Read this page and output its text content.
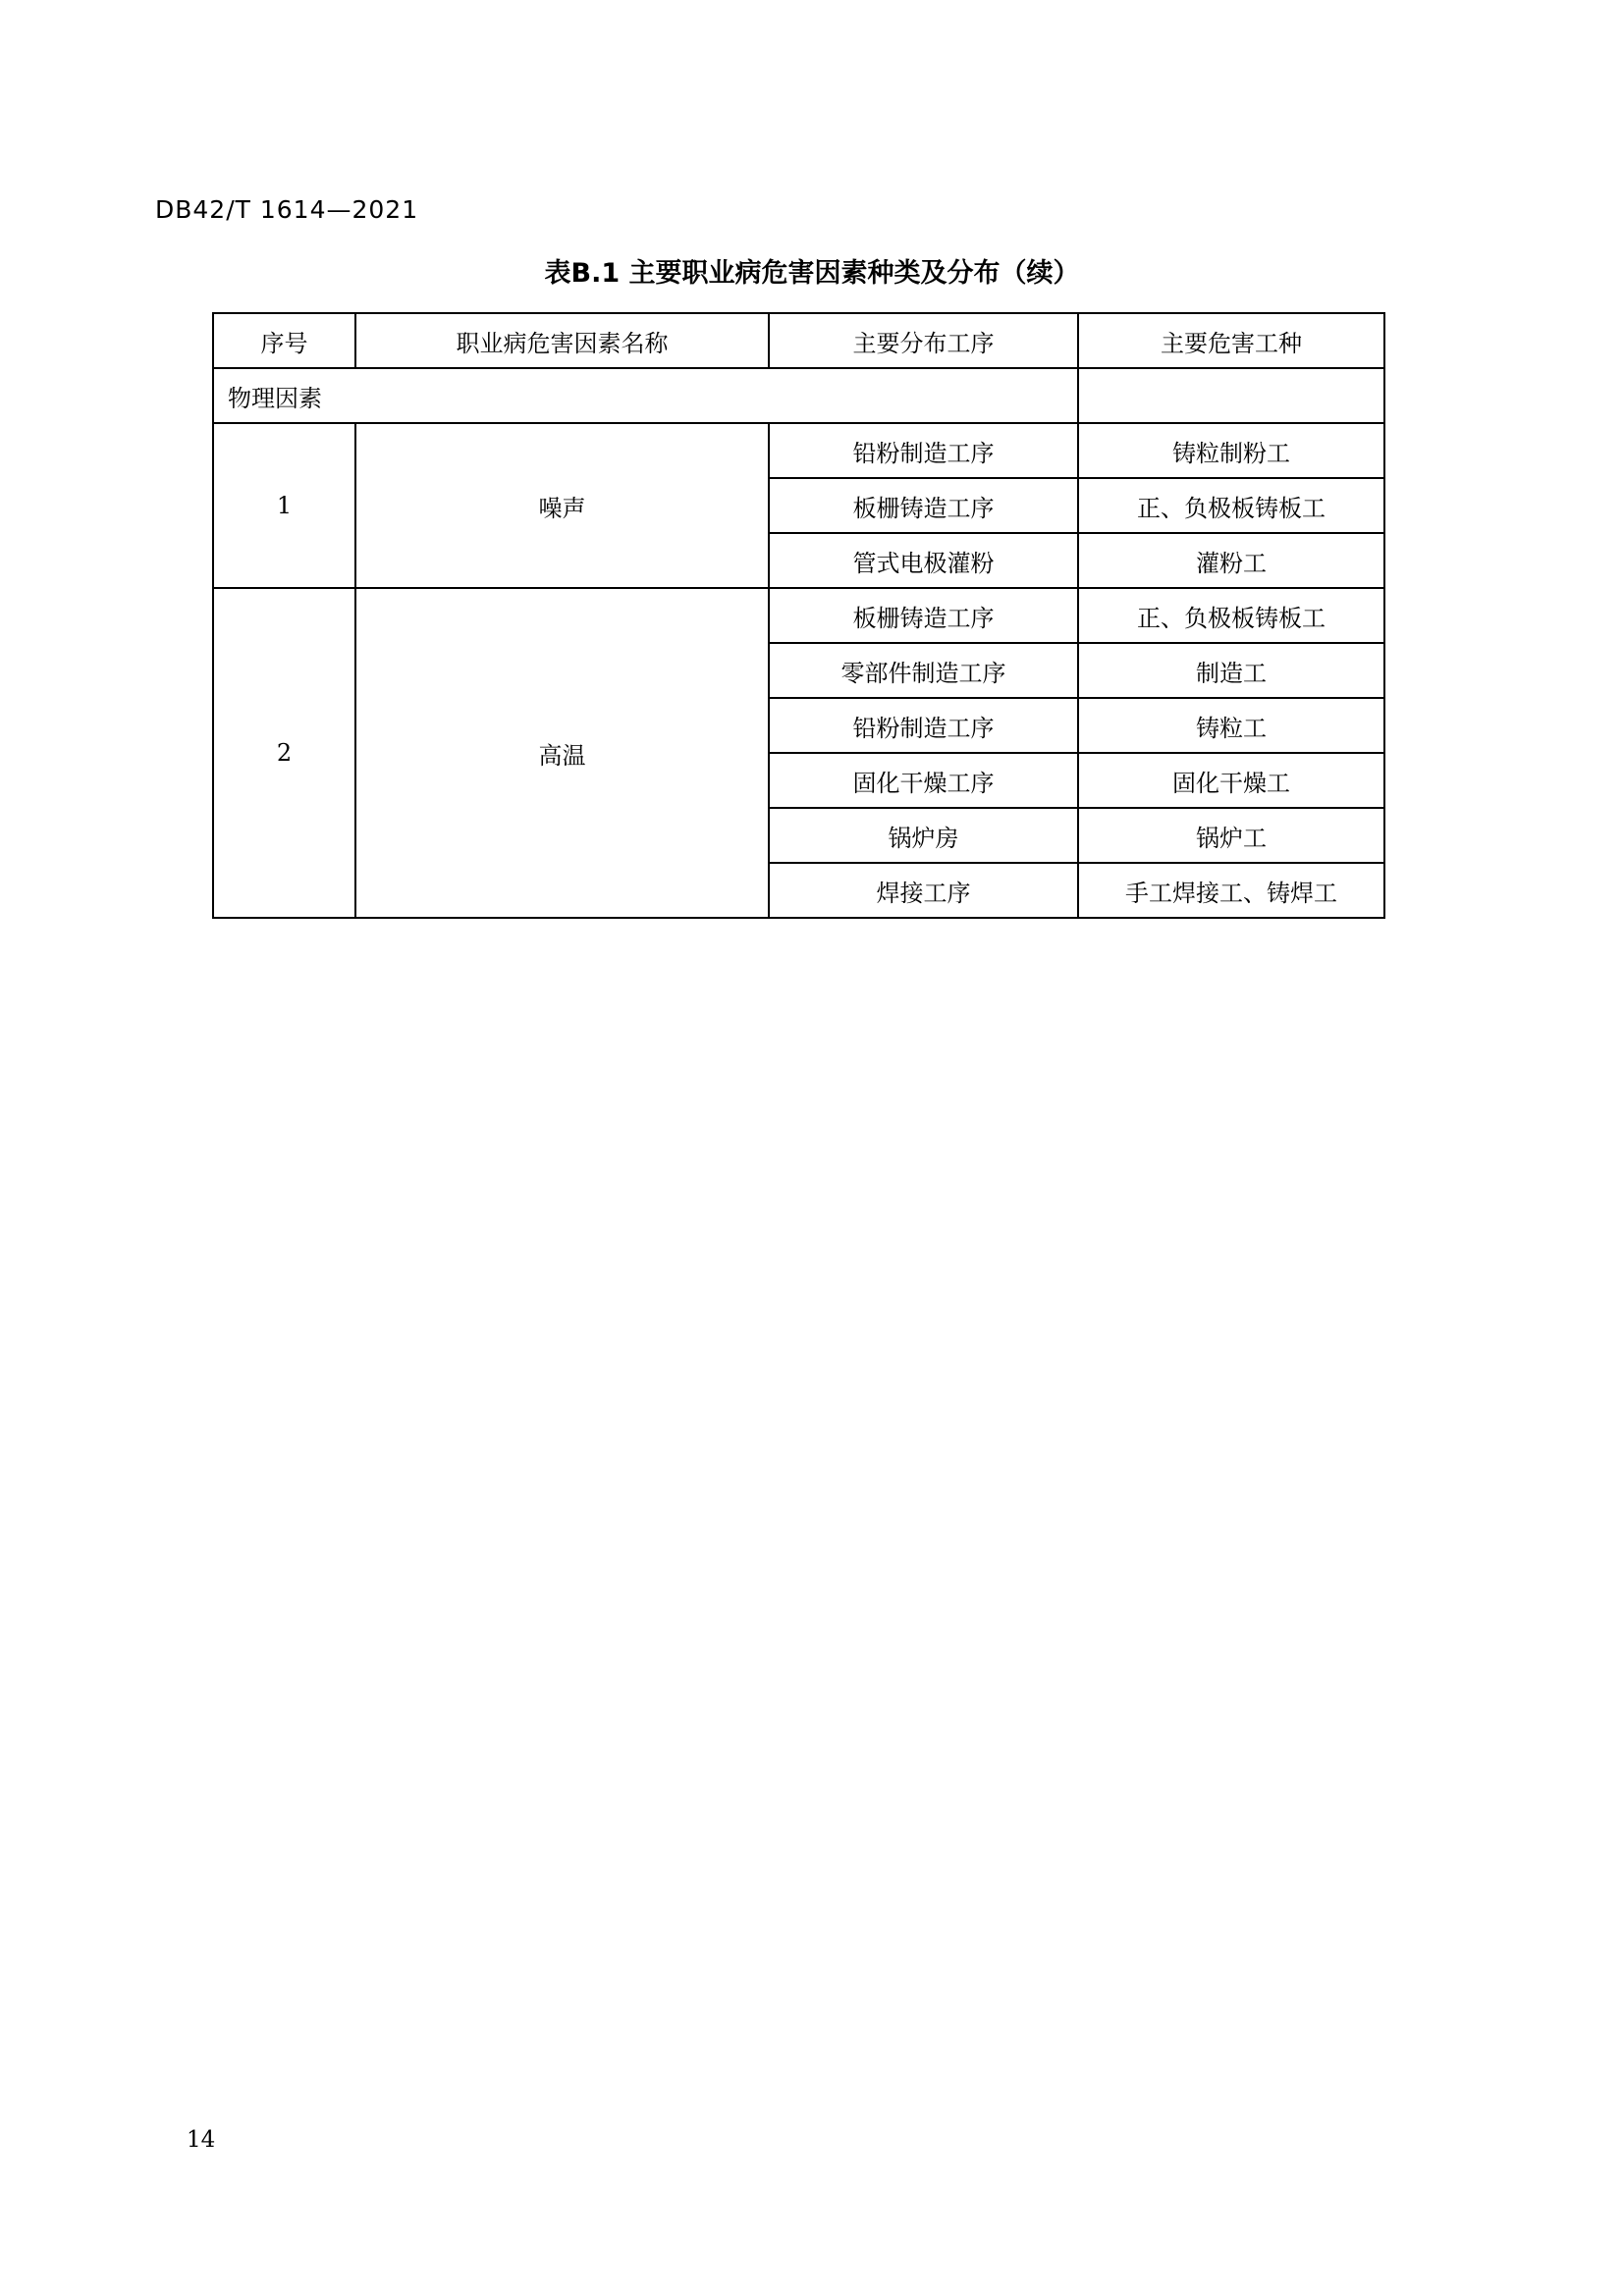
DB42/T 1614—2021
表B.1 主要职业病危害因素种类及分布（续）
序号	职业病危害因素名称	主要分布工序	主要危害工种
物理因素			
1	噪声	铅粉制造工序	铸粒制粉工
		板栅铸造工序	正、负极板铸板工
		管式电极灌粉	灌粉工
2	高温	板栅铸造工序	正、负极板铸板工
		零部件制造工序	制造工
		铅粉制造工序	铸粒工
		固化干燥工序	固化干燥工
		锅炉房	锅炉工
		焊接工序	手工焊接工、铸焊工
14
